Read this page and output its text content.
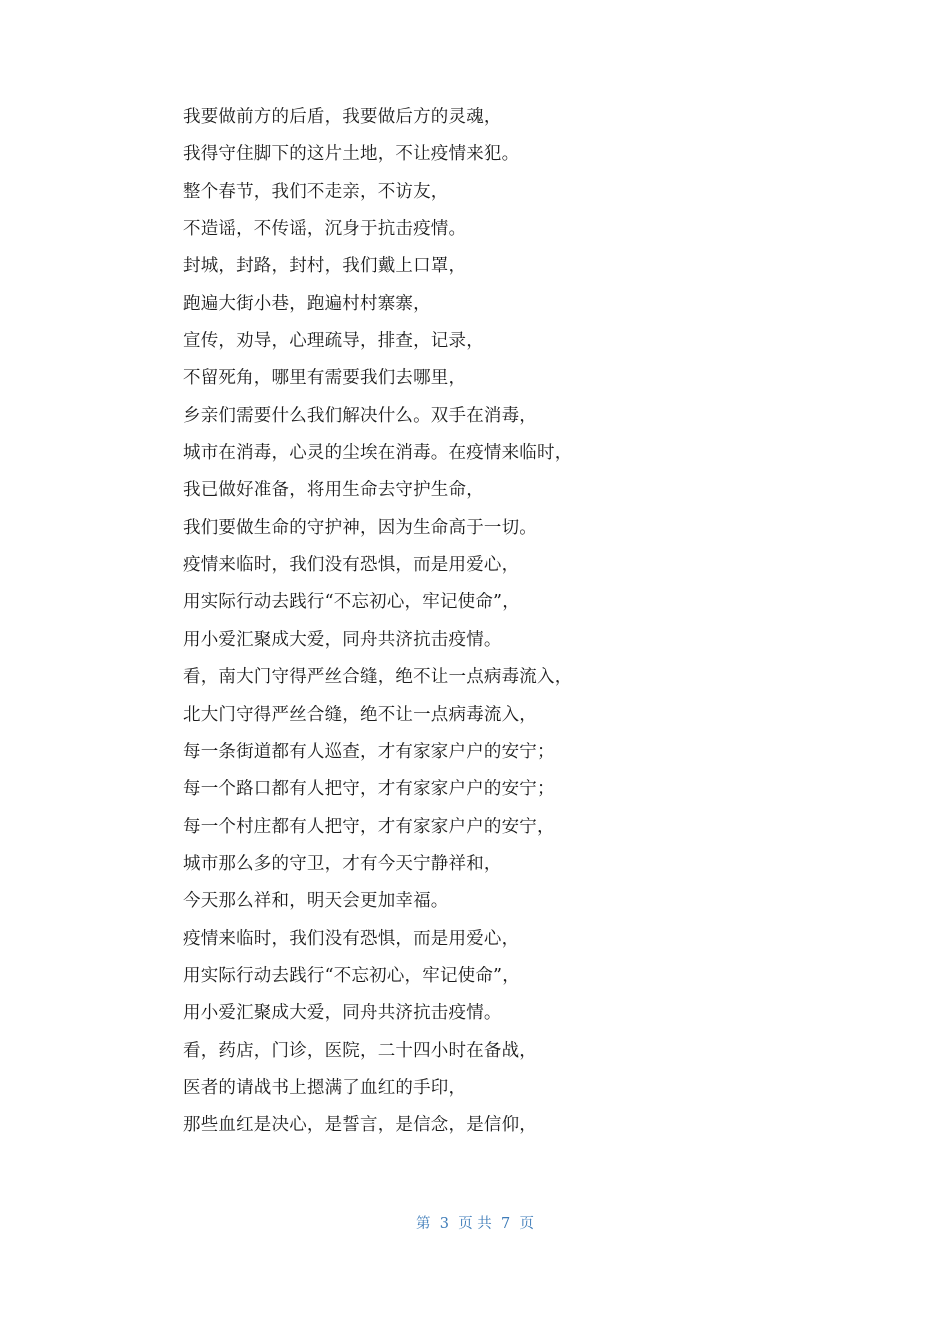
我要做前方的后盾，我要做后方的灵魂，
我得守住脚下的这片土地，不让疫情来犯。
整个春节，我们不走亲，不访友，
不造谣，不传谣，沉身于抗击疫情。
封城，封路，封村，我们戴上口罩，
跑遍大街小巷，跑遍村村寨寨，
宣传，劝导，心理疏导，排查，记录，
不留死角，哪里有需要我们去哪里，
乡亲们需要什么我们解决什么。双手在消毒，
城市在消毒，心灵的尘埃在消毒。在疫情来临时，
我已做好准备，将用生命去守护生命，
我们要做生命的守护神，因为生命高于一切。
疫情来临时，我们没有恐惧，而是用爱心，
用实际行动去践行“不忘初心，牢记使命”，
用小爱汇聚成大爱，同舟共济抗击疫情。
看，南大门守得严丝合缝，绝不让一点病毒流入，
北大门守得严丝合缝，绝不让一点病毒流入，
每一条街道都有人巡查，才有家家户户的安宁；
每一个路口都有人把守，才有家家户户的安宁；
每一个村庄都有人把守，才有家家户户的安宁，
城市那么多的守卫，才有今天宁静祥和，
今天那么祥和，明天会更加幸福。
疫情来临时，我们没有恐惧，而是用爱心，
用实际行动去践行“不忘初心，牢记使命”，
用小爱汇聚成大爱，同舟共济抗击疫情。
看，药店，门诊，医院，二十四小时在备战，
医者的请战书上摁满了血红的手印，
那些血红是决心，是誓言，是信念，是信仰，
第  3  页 共  7  页
